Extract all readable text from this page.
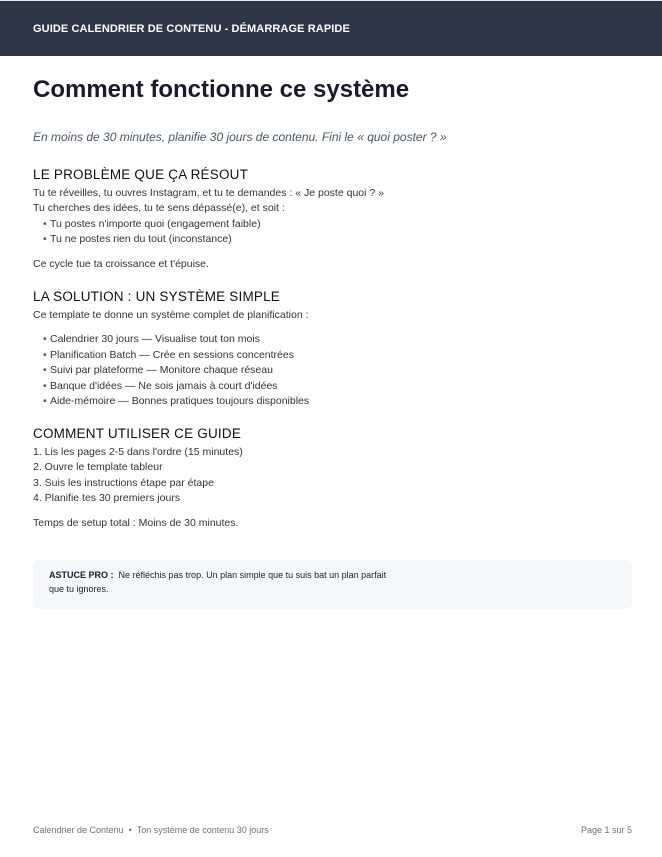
GUIDE CALENDRIER DE CONTENU - DÉMARRAGE RAPIDE
Comment fonctionne ce système

En moins de 30 minutes, planifie 30 jours de contenu. Fini le « quoi poster ? »

LE PROBLÈME QUE ÇA RÉSOUT
Tu te réveilles, tu ouvres Instagram, et tu te demandes : « Je poste quoi ? »
Tu cherches des idées, tu te sens dépassé(e), et soit :
• Tu postes n'importe quoi (engagement faible)
• Tu ne postes rien du tout (inconstance)
Ce cycle tue ta croissance et t'épuise.
LA SOLUTION : UN SYSTÈME SIMPLE
Ce template te donne un système complet de planification :
• Calendrier 30 jours — Visualise tout ton mois
• Planification Batch — Crée en sessions concentrées
• Suivi par plateforme — Monitore chaque réseau
• Banque d'idées — Ne sois jamais à court d'idées
• Aide-mémoire — Bonnes pratiques toujours disponibles
COMMENT UTILISER CE GUIDE
1. Lis les pages 2-5 dans l'ordre (15 minutes)
2. Ouvre le template tableur
3. Suis les instructions étape par étape
4. Planifie tes 30 premiers jours
Temps de setup total : Moins de 30 minutes.
ASTUCE PRO : Ne réfléchis pas trop. Un plan simple que tu suis bat un plan parfait
que tu ignores.
Calendrier de Contenu • Ton système de contenu 30 jours	Page 1 sur 5
